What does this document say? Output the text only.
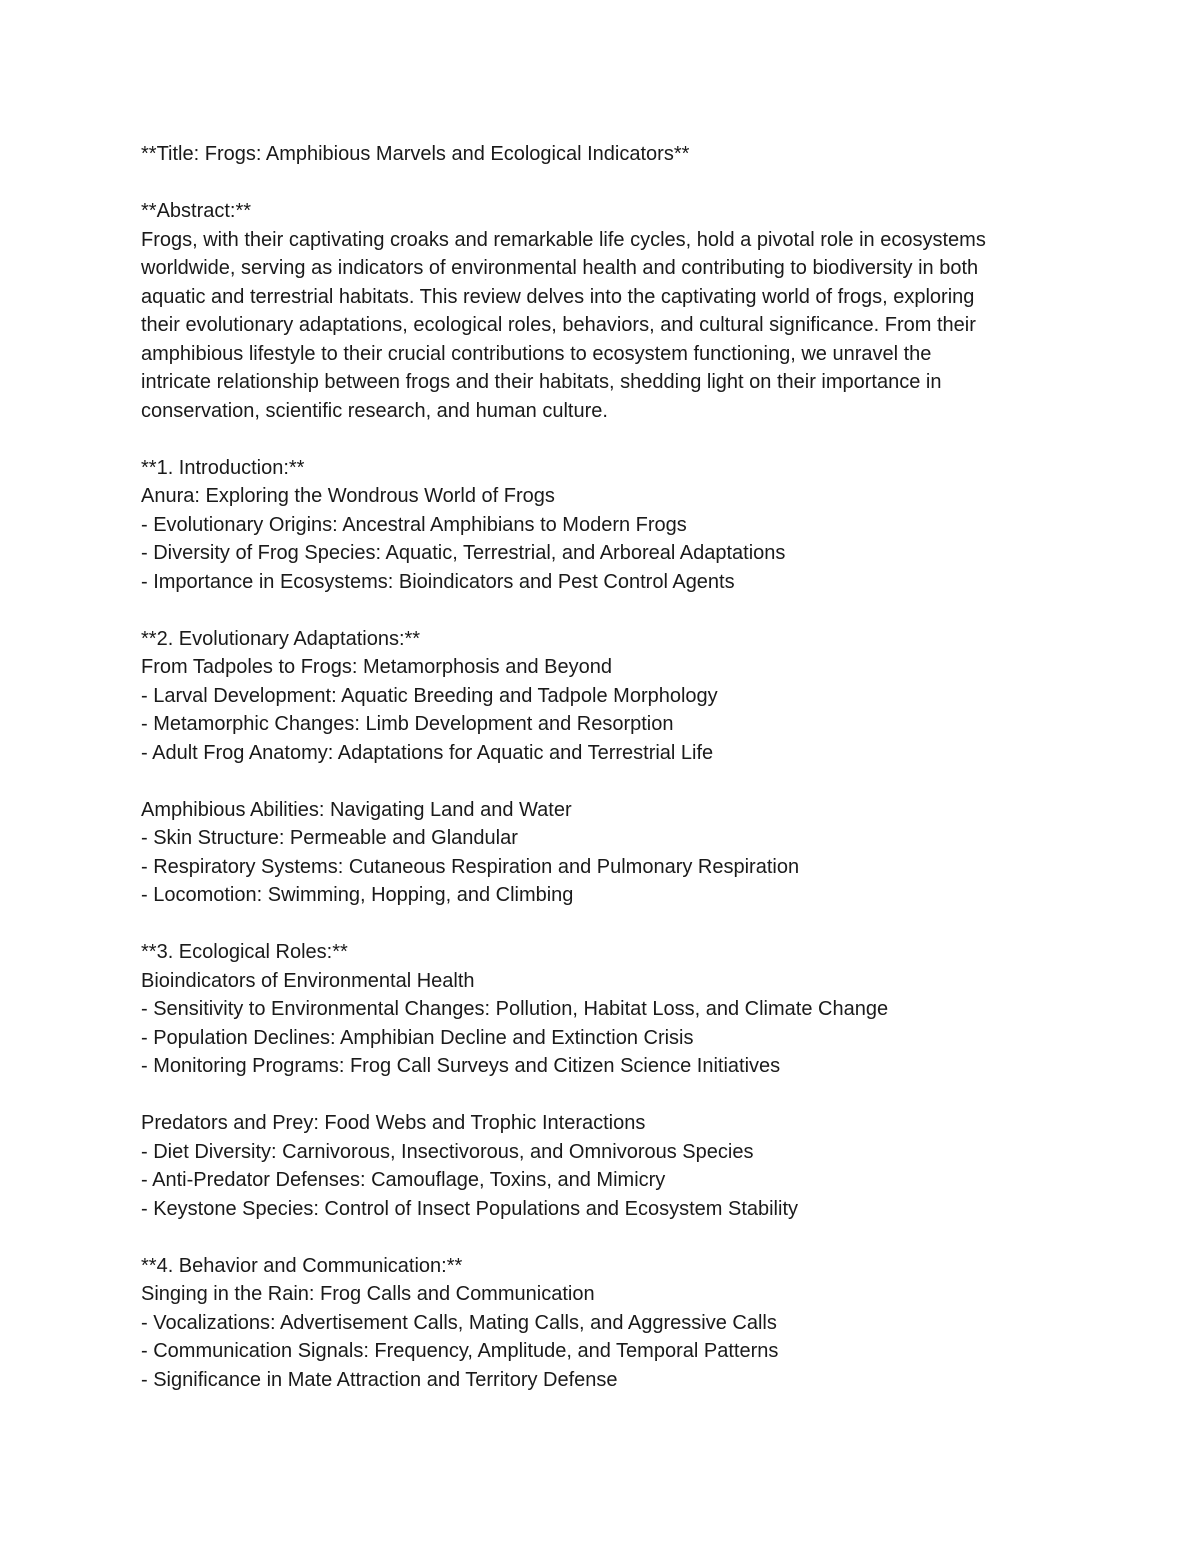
**Title: Frogs: Amphibious Marvels and Ecological Indicators**

**Abstract:**

Frogs, with their captivating croaks and remarkable life cycles, hold a pivotal role in ecosystems

worldwide, serving as indicators of environmental health and contributing to biodiversity in both

aquatic and terrestrial habitats. This review delves into the captivating world of frogs, exploring

their evolutionary adaptations, ecological roles, behaviors, and cultural significance. From their

amphibious lifestyle to their crucial contributions to ecosystem functioning, we unravel the

intricate relationship between frogs and their habitats, shedding light on their importance in

conservation, scientific research, and human culture.

**1. Introduction:**

Anura: Exploring the Wondrous World of Frogs

- Evolutionary Origins: Ancestral Amphibians to Modern Frogs

- Diversity of Frog Species: Aquatic, Terrestrial, and Arboreal Adaptations

- Importance in Ecosystems: Bioindicators and Pest Control Agents

**2. Evolutionary Adaptations:**

From Tadpoles to Frogs: Metamorphosis and Beyond

- Larval Development: Aquatic Breeding and Tadpole Morphology

- Metamorphic Changes: Limb Development and Resorption

- Adult Frog Anatomy: Adaptations for Aquatic and Terrestrial Life

Amphibious Abilities: Navigating Land and Water

- Skin Structure: Permeable and Glandular

- Respiratory Systems: Cutaneous Respiration and Pulmonary Respiration

- Locomotion: Swimming, Hopping, and Climbing

**3. Ecological Roles:**

Bioindicators of Environmental Health

- Sensitivity to Environmental Changes: Pollution, Habitat Loss, and Climate Change

- Population Declines: Amphibian Decline and Extinction Crisis

- Monitoring Programs: Frog Call Surveys and Citizen Science Initiatives

Predators and Prey: Food Webs and Trophic Interactions

- Diet Diversity: Carnivorous, Insectivorous, and Omnivorous Species

- Anti-Predator Defenses: Camouflage, Toxins, and Mimicry

- Keystone Species: Control of Insect Populations and Ecosystem Stability

**4. Behavior and Communication:**

Singing in the Rain: Frog Calls and Communication

- Vocalizations: Advertisement Calls, Mating Calls, and Aggressive Calls

- Communication Signals: Frequency, Amplitude, and Temporal Patterns

- Significance in Mate Attraction and Territory Defense
